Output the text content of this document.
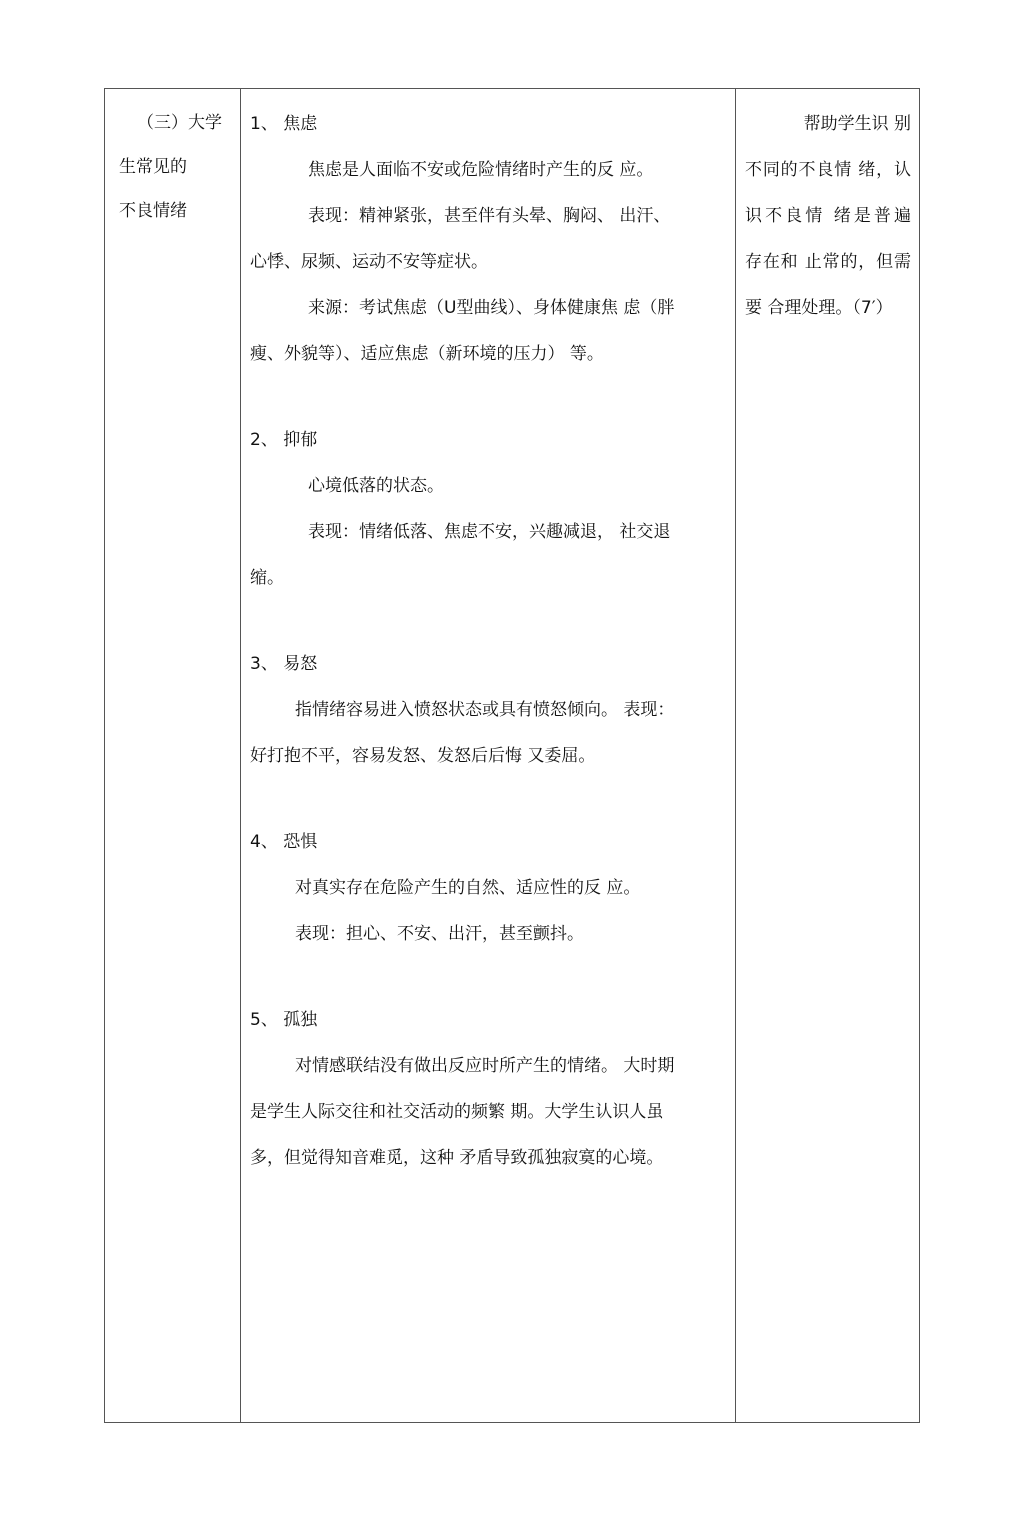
（三）大学
生常见的
不良情绪

1、 焦虑

焦虑是人面临不安或危险情绪时产生的反 应。

表现：精神紧张，甚至伴有头晕、胸闷、 出汗、

心悸、尿频、运动不安等症状。

来源：考试焦虑（U型曲线）、身体健康焦 虑（胖

瘦、外貌等）、适应焦虑（新环境的压力） 等。

2、 抑郁

心境低落的状态。

表现：情绪低落、焦虑不安，兴趣减退， 社交退

缩。

3、 易怒

指情绪容易进入愤怒状态或具有愤怒倾向。 表现：

好打抱不平，容易发怒、发怒后后悔 又委屈。

4、 恐惧

对真实存在危险产生的自然、适应性的反 应。

表现：担心、不安、出汗，甚至颤抖。

5、 孤独

对情感联结没有做出反应时所产生的情绪。 大时期

是学生人际交往和社交活动的频繁 期。大学生认识人虽

多，但觉得知音难觅，这种 矛盾导致孤独寂寞的心境。

帮助学生识 别

不同的不良情 绪，认

识不良情 绪是普遍

存在和 止常的，但需

要 合理处理。（7′）
